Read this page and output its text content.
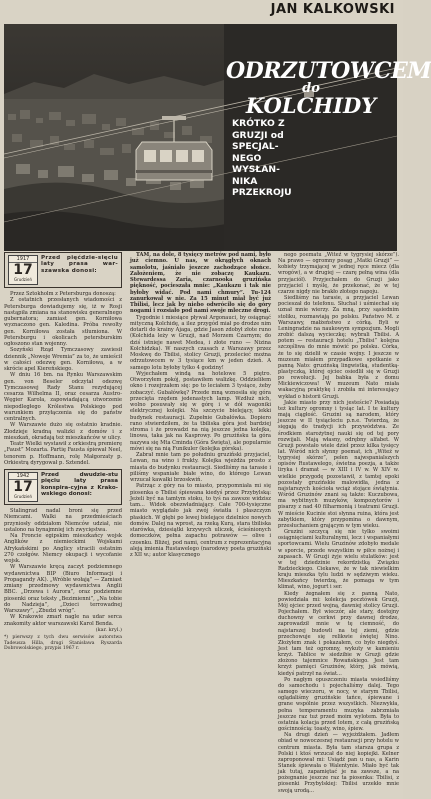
JAN KALKOWSKI
ODRZUTOWCEM
do
KOLCHIDY
KRÓTKO Z GRUZJI od SPECJAL-NEGO WYSŁAN-NIKA PRZEKROJU
1917
17
Grudzień
Przed pięćdzie-sięciu laty prasa war-szawska donosi:

Przez Sztokholm z Petersburga donoszą:

Z ostatnich przesłanych wiadomości z Petersburga dowiadujemy się, iż w Rosji nastąpiła zmiana na stanowisku generalnego gubernatora; zamiast gen. Korniłowa wyznaczono gen. Kaledina. Próba rewolty gen. Korniłowa została stłumiona. W Petersburgu i okolicach petersburskim ogłoszono stan wojenny.

Sozyński Rząd Tymczasowy zawiesił dziennik „Nowoje Wremia” za to, że umieścił w całości odezwę gen. Korniłowa, a w skrócie apel Kiereńskiego.

W dniu 16 bm. na Rynku Warszawskim gen. von Beseler odczytał odezwę Tymczasowej Rady Stanu rezydującej cesarza Wilhelma II, oraz cesarza Austro-Węgier Karola, zapowiadającą utworzenie niepodległego Królestwa Polskiego pod warunkiem przyłączenia się do państw centralnych.

W Warszawie dużo się ostatnio kradnie. Złodzieje kradną walizki z domów i z mieszkań, okradają też mieszkańców w ulicy.

Teatr Wielki wystawił z orkiestrą premierę „Faust” Mozarta. Partię Fausta śpiewał Neel, tenorem p. Hoffmann, rolę Małgorzaty p. Orkiestrą dyrygował p. Sztendel.

1942
17
Grudzień
Przed dwudzie-stu pięciu laty prasa konspira-cyjna z Krako-wskiego donosi:

Stalingrad nadal broni się przed Niemcami. Walki na przedmieściach przyniosły oddziałom Niemców udział, nie ustalono na bynajmniej ich zwycięstwa.

Na Froncie egipskim mieszkańcy wojsk Anglików z niemieckimi Wojskami Afrykańskimi po Anglicy stracili ostatnim 270 czołgów. Niemcy okupacji i wycofanie wojsk.

W Warszawie kręcą zaczyt podziemnego wydawnictwa BIP (Biuro Informacji i Propagandy AK). „Wróble wołają” — Zamiast zmiany przedmowy wydawnictwa Anglii BBC. „Drzewa i Aurora”, oraz podziemne piosenki oraz teksty „Bezimienni”, „Na tobie do Nadzieja”, „Dzieci terrowadnej Warszawy”, „Zbudzi wróg”.

W Krakowie zmarł nagle na udar serca znakomity aktor warszawski Karol Benda.

(kar. kryl.)
*) pierwszy z tych dwu serwisów autorstwa Tadeusza Hilla, drugi Stanisława Ryszarda Dobrowolskiego, przypis 1967 r.

TAM, na dole, 8 tysięcy metrów pod nami, było już ciemno. U nas, w okrągłych oknach samolotu, jaśniało jeszcze zachodzące słońce. Założeniem, że nie zobaczę Kaukazu. Stewardessa Zaria, czarnooka gruzińska piękność, pocieszała mnie: „Kaukazu i tak nie byłoby widać. Pod nami chmury”. Tu-124 zanurkował w nie. Za 15 minut miał być już Tbilisi, lecz jak by niebo odwróciło się do góry nogami i rozsiało pod nami swoje mleczne drogi.

Tygodnie i miesiące pływał Argonauci, by osiągnąć mityczną Kolchidę, a ilez przygód miał po drodze nim dotarli do krainy Ajaga, gdzie Jason zdobył złote runo (Kolchida leży w Gruzji, nad Morzem Czarnym; do dziś istnieje nawet Medea, i złote runo — Nizina Kolchidzka). W naszych czasach z Warszawy przez Moskwę do Tbilisi, stolicy Gruzji, przelecieć można odrzutowcem w 3 tysiące km w jeden dzień. A samego lotu byłoby tylko 4 godziny!

Wyjechałem windą na hotelowe 5 piętro. Otworzyłem pokój, postawiłem walizkę. Oddzieliłem okno i rozejrzałem się: po to leciałem 3 tysiące, żeby zobaczyć. Gubałówkę? Przede mną wznosiła się góra przecięta rzędem jedenastych lamp. Wzdłuż nich, wolno posuwały się w górę i w dół wagoniki elektrycznej kolejki. Na szczycie bielejący, lekki budynek restauracji. Zupełnie Gubałówka. Dopiero rano stwierdziłem, że ta tbiliska góra jest bardziej stroma i że prowadzi na nią jeszcze jedna kolejka, linowa, taka jak na Kasprowy. Po gruzińsku ta góra nazywa się Mta Cminda (Góra Święta), ale popularnie mówi się na nią Funikuler (kolejka górska).

Zabrał mnie tam po południu gruziński przyjaciel, Lewan, na wino i frukty. Kolejka wjeżdża prosto z miasta do budynku restauracji. Siedliśmy na tarasie i piliśmy wspaniałe białe wino, do którego Lewan wrzucał kawałki brzoskwiń.

Patrząc z góry na to miasto, przypomniała mi się piosenka o Tbilisi śpiewana kiedyś przez Przybylską: Jeżeli być na tamtym stoku, to tyś na zawsze widzisz tam... Widok obezwładniający. Całe 700-tysięczne miasto wyglądało jak zwój światła i płaszczyzn płaskich. W głębi po lewej bielejące dzielnice nowych domów. Dalej na wprost, za rzeką Kurą, stara tbiliska starówka, dziesiątki krzywych uliczek, ścieśnionych domeczków, pełna zapachu potrawów — olive i czosnku. Bliżej, pod nami, centrum z reprezentacyjną aleją imienia Rustawelego (narodowy poeta gruziński z XII w.; autor klasycznego

nego poematu „Witeź w tygrysiej skórze”). Na prawo — ogromny posąg „Matki Gruzji” — kobiety trzymającej w jednej ręce miecz (dla wrogów), a w drugiej — czarę pełną wina (dla przyjaciół). Przyjechałem do Gruzji jako przyjaciel i myślę, że przekonać, że w tej czarze nigdy nie brakło złotego napoju.

Siedliśmy na tarasie, a przyjaciel Lewan pocieszał do telefonu. Słuchał i uśmiechał się uznał mnie wierzy. Za mną, przy sąsiednim stoliku, rozmawiają po polsku. Państwo M. z Warszawy, małżeństwo z córką. Byli w Leningradzie na naukowym sympozjum. Mogli zrobić dalszą wycieczkę; wybrali Tbilisi. A potem — restauracji hotelu „Tbilisi” kolejna szczęśliwa do mnie mówić po polsku. Córka, że to się dzielił w czasie wojny. I jeszcze w muzeum miałem przypadkowe spotkanie z panną Nato: gruzińską lingwistką, studentką-plastyczką, której ojciec osiedlił się w Gruzji po rewolucji. Jej babka była z domu Mickiewiczowa! W muzeum Nato miała wakacyjną praktykę i zrobiła mi interesujący wykład o historii Gruzji.

Jakie miasto przy nich jesteście? Posiadają też kultury ogromny i tysiąc lat. I te kultury mają ciągłość. Gruzini są narodem, który jeszcze w II tysiącleciu p.n.e. Twierdzą, że sięgają do tradycji ich przywództwa. Ze środkiem starożytnej nauki się od tej pory rozwijali. Mają własny, odrębny alfabet. W Gruzji powstało wiele dzieł przez kilka tysięcy lat. Wśród nich słynny poemat, ich „Witeź w tygrysiej skórze”, pełen najwspanialszych opisów Rustawelego, świetna poezja, a także liryka i dramat — w XIII i IV w. W XIV w. wielkie przygodę pozostawił, z tamtej epoki pozostały gruzińskie malowidła, jedna z najstarszych kościoła wciąż stojące świątynia. Wśród Gruzinów znani są także: Kuczubowa, ma wybitnych muzyków, kompozytorów i pisarzy z nad 40 filharmonią i teatrami Gruzji. W mieście Kucinie stoi słynna ruina, która jest zabytkiem, który przypomina o dawnym, przesłuchaniem grającym w tym wieku.

Gruzini szczycą się nie tylko swoimi osiągnięciami kulturalnymi, lecz i wspaniałymi sportowcami. Wielu Gruzinów zdobyło medale w sporcie, przede wszystkim w piłce nożnej i zapasach. W Gruzji żyje wielu stulatków: jest w tej dziedzinie rekordzistką Związku Radzieckiego. Ciekawe, że w tak niewielkim kraju mieszka tylu ludzi w sędziwym wieku. Mieszkańcy twierdzą, że pomaga w tym klimat, wino, jogurt i ser.

Kiedy żegnałem się z panną Nato, powiedziała mi: kolekcja pocztówek Gruzji, Mój ojciec przed wojną, dawniej stolicy Gruzji. Pojechałem. Był wieczór, ale stary, dostojny duchowny w cerkwi przy dawnej drodze, zaprowadził mnie w tę ciemność, do najstarszej budowli na tej ziemi, gdzie przechowuje się relikwie świętej Nino. Złożyłem znak i pokazałem, co było niegdyś. Jest tam też ogromny, wykuty w kamieniu krzyż. Tablice w siedzibie w Gruzji gdzie złożono tajemnice Rowańskiego. Jest tam krzyż pamięci Gruzinów, który, jak mówią, kiedyś patrzył na świat...

Po nagłym opuszczeniu miasta wsiedliśmy do samochodu i pojechaliśmy dalej. Tego samego wieczoru, w nocy, w starym Tbilisi, oglądaliśmy gruzińskie tańce, śpiewane i grane wspólnie przez wszystkich. Niezwykła, pełna temperamentu muzyka zabrzmiała jeszcze raz tuż przed moim wylotem. Była to ostatnia kolacja przed lotem, z całą gruzińską gościnnością: toasty, wino, śpiew.

Na drugi dzień — wyjeżdżałem. Jadłem obiad w nowoczesnej restauracji przy hotelu w centrum miasta. Była tam starsza grupa z Polski i ktoś wrzucał do niej kopiejki. Kelner zaproponował mi: Usiądź pan u nas, a Karin Stanek śpiewała o Walentynie. Miało być tak jak tutaj, zapamiętać je na zawsze, a na pożegnanie jeszcze raz ta piosenka: Tbilisi, z piosenki Przybylskiej: Tbilisi urzekło mnie swoją urodą...
